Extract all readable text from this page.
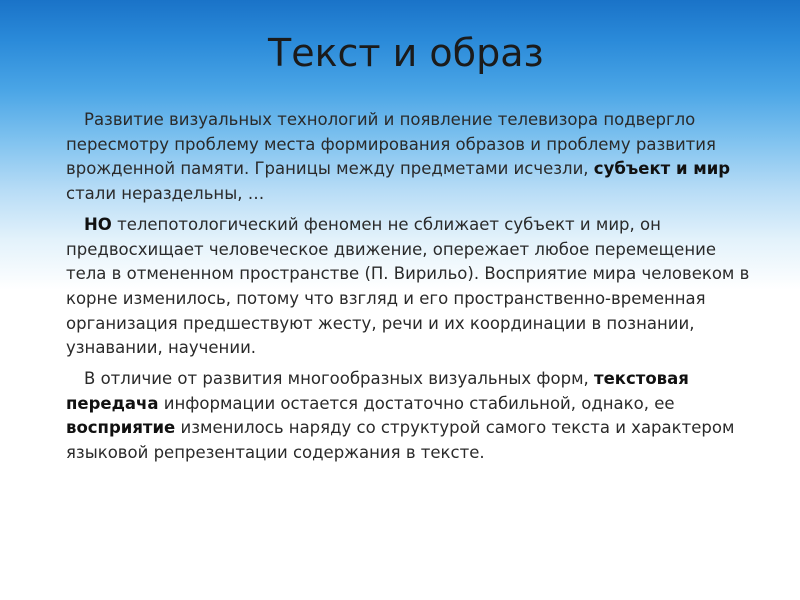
Текст и образ

Развитие визуальных технологий и появление телевизора подвергло пересмотру проблему места формирования образов и проблему развития врожденной памяти. Границы между предметами исчезли, субъект и мир стали нераздельны, …

НО телепотологический феномен не сближает субъект и мир, он предвосхищает человеческое движение, опережает любое перемещение тела в отмененном пространстве (П. Вирильо). Восприятие мира человеком в корне изменилось, потому что взгляд и его пространственно-временная организация предшествуют жесту, речи и их координации в познании, узнавании, научении.

В отличие от развития многообразных визуальных форм, текстовая передача информации остается достаточно стабильной, однако, ее восприятие изменилось наряду со структурой самого текста и характером языковой репрезентации содержания в тексте.
